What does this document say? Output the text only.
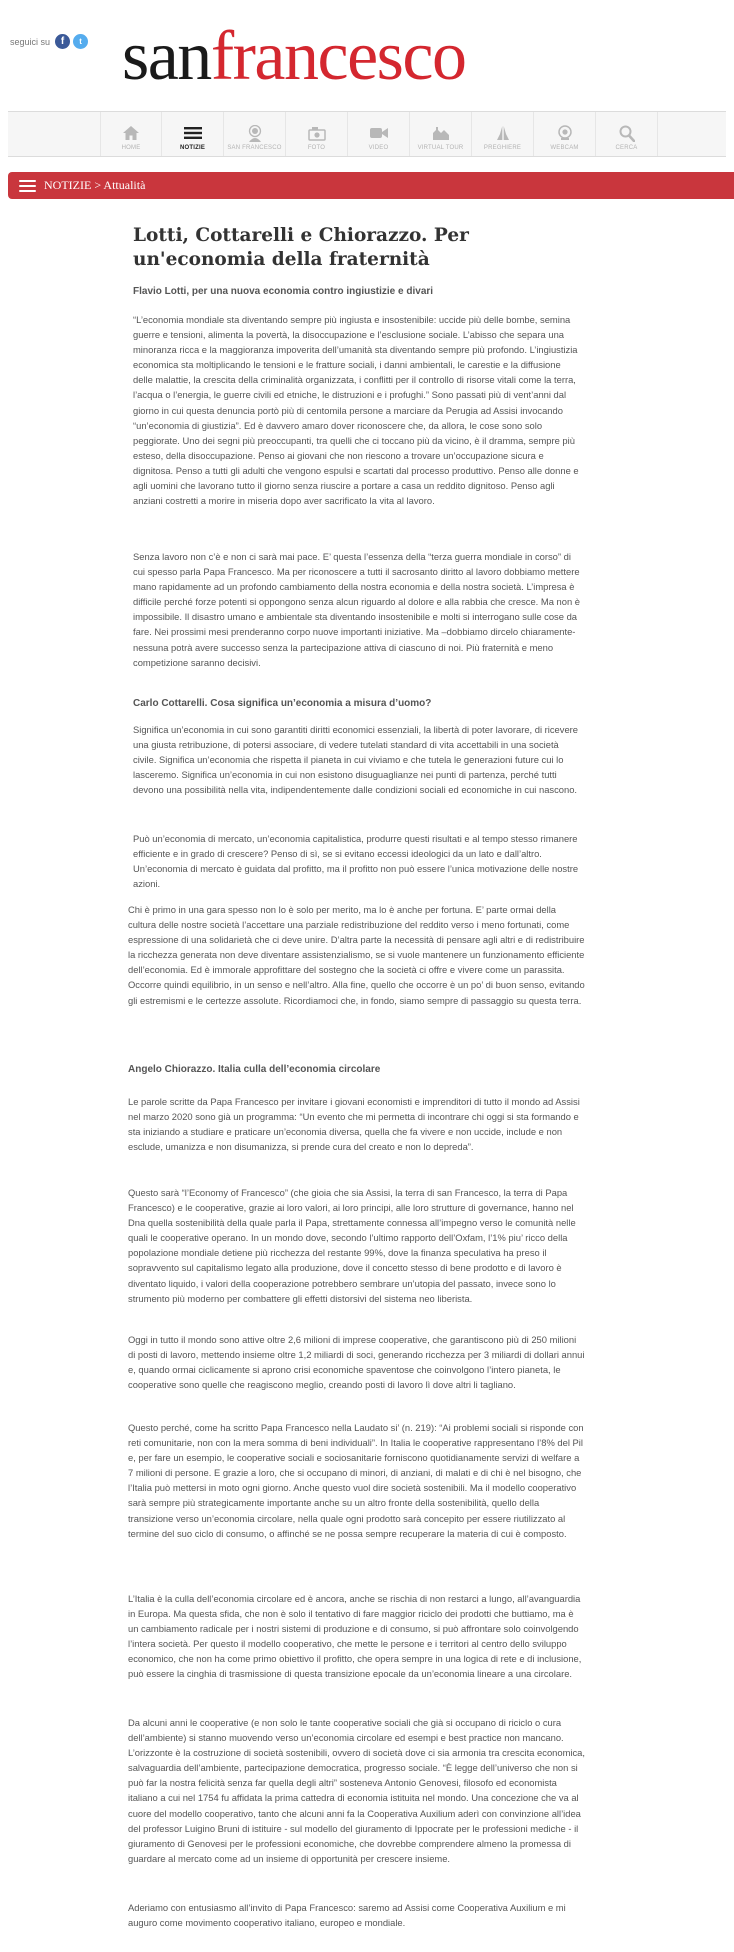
seguici su	f	t sanfrancesco
HOME	NOTIZIE	SAN FRANCESCO	FOTO	VIDEO	VIRTUAL TOUR	PREGHIERE	WEBCAM	CERCA
NOTIZIE > Attualità
Lotti, Cottarelli e Chiorazzo. Per un'economia della fraternità
Flavio Lotti, per una nuova economia contro ingiustizie e divari

“L’economia mondiale sta diventando sempre più ingiusta e insostenibile: uccide più delle bombe, semina guerre e tensioni, alimenta la povertà, la disoccupazione e l’esclusione sociale. L’abisso che separa una minoranza ricca e la maggioranza impoverita dell’umanità sta diventando sempre più profondo. L’ingiustizia economica sta moltiplicando le tensioni e le fratture sociali, i danni ambientali, le carestie e la diffusione delle malattie, la crescita della criminalità organizzata, i conflitti per il controllo di risorse vitali come la terra, l’acqua o l’energia, le guerre civili ed etniche, le distruzioni e i profughi.” Sono passati più di vent’anni dal giorno in cui questa denuncia portò più di centomila persone a marciare da Perugia ad Assisi invocando “un’economia di giustizia”. Ed è davvero amaro dover riconoscere che, da allora, le cose sono solo peggiorate. Uno dei segni più preoccupanti, tra quelli che ci toccano più da vicino, è il dramma, sempre più esteso, della disoccupazione. Penso ai giovani che non riescono a trovare un’occupazione sicura e dignitosa. Penso a tutti gli adulti che vengono espulsi e scartati dal processo produttivo. Penso alle donne e agli uomini che lavorano tutto il giorno senza riuscire a portare a casa un reddito dignitoso. Penso agli anziani costretti a morire in miseria dopo aver sacrificato la vita al lavoro.

Senza lavoro non c’è e non ci sarà mai pace. E’ questa l’essenza della “terza guerra mondiale in corso” di cui spesso parla Papa Francesco. Ma per riconoscere a tutti il sacrosanto diritto al lavoro dobbiamo mettere mano rapidamente ad un profondo cambiamento della nostra economia e della nostra società. L’impresa è difficile perché forze potenti si oppongono senza alcun riguardo al dolore e alla rabbia che cresce. Ma non è impossibile. Il disastro umano e ambientale sta diventando insostenibile e molti si interrogano sulle cose da fare. Nei prossimi mesi prenderanno corpo nuove importanti iniziative. Ma –dobbiamo dircelo chiaramente- nessuna potrà avere successo senza la partecipazione attiva di ciascuno di noi. Più fraternità e meno competizione saranno decisivi.

Carlo Cottarelli. Cosa significa un’economia a misura d’uomo?

Significa un’economia in cui sono garantiti diritti economici essenziali, la libertà di poter lavorare, di ricevere una giusta retribuzione, di potersi associare, di vedere tutelati standard di vita accettabili in una società civile. Significa un’economia che rispetta il pianeta in cui viviamo e che tutela le generazioni future cui lo lasceremo. Significa un’economia in cui non esistono disuguaglianze nei punti di partenza, perché tutti devono una possibilità nella vita, indipendentemente dalle condizioni sociali ed economiche in cui nascono.

Può un’economia di mercato, un’economia capitalistica, produrre questi risultati e al tempo stesso rimanere efficiente e in grado di crescere? Penso di sì, se si evitano eccessi ideologici da un lato e dall’altro. Un’economia di mercato è guidata dal profitto, ma il profitto non può essere l’unica motivazione delle nostre azioni.

Chi è primo in una gara spesso non lo è solo per merito, ma lo è anche per fortuna. E’ parte ormai della cultura delle nostre società l’accettare una parziale redistribuzione del reddito verso i meno fortunati, come espressione di una solidarietà che ci deve unire. D’altra parte la necessità di pensare agli altri e di redistribuire la ricchezza generata non deve diventare assistenzialismo, se si vuole mantenere un funzionamento efficiente dell’economia. Ed è immorale approfittare del sostegno che la società ci offre e vivere come un parassita. Occorre quindi equilibrio, in un senso e nell’altro. Alla fine, quello che occorre è un po’ di buon senso, evitando gli estremismi e le certezze assolute. Ricordiamoci che, in fondo, siamo sempre di passaggio su questa terra.

Angelo Chiorazzo. Italia culla dell’economia circolare

Le parole scritte da Papa Francesco per invitare i giovani economisti e imprenditori di tutto il mondo ad Assisi nel marzo 2020 sono già un programma: “Un evento che mi permetta di incontrare chi oggi si sta formando e sta iniziando a studiare e praticare un’economia diversa, quella che fa vivere e non uccide, include e non esclude, umanizza e non disumanizza, si prende cura del creato e non lo depreda”.

Questo sarà “l’Economy of Francesco” (che gioia che sia Assisi, la terra di san Francesco, la terra di Papa Francesco) e le cooperative, grazie ai loro valori, ai loro principi, alle loro strutture di governance, hanno nel Dna quella sostenibilità della quale parla il Papa, strettamente connessa all’impegno verso le comunità nelle quali le cooperative operano. In un mondo dove, secondo l’ultimo rapporto dell’Oxfam, l’1% piu’ ricco della popolazione mondiale detiene più ricchezza del restante 99%, dove la finanza speculativa ha preso il sopravvento sul capitalismo legato alla produzione, dove il concetto stesso di bene prodotto e di lavoro è diventato liquido, i valori della cooperazione potrebbero sembrare un’utopia del passato, invece sono lo strumento più moderno per combattere gli effetti distorsivi del sistema neo liberista.

Oggi in tutto il mondo sono attive oltre 2,6 milioni di imprese cooperative, che garantiscono più di 250 milioni di posti di lavoro, mettendo insieme oltre 1,2 miliardi di soci, generando ricchezza per 3 miliardi di dollari annui e, quando ormai ciclicamente si aprono crisi economiche spaventose che coinvolgono l’intero pianeta, le cooperative sono quelle che reagiscono meglio, creando posti di lavoro lì dove altri li tagliano.

Questo perché, come ha scritto Papa Francesco nella Laudato si’ (n. 219): “Ai problemi sociali si risponde con reti comunitarie, non con la mera somma di beni individuali”. In Italia le cooperative rappresentano l’8% del Pil e, per fare un esempio, le cooperative sociali e sociosanitarie forniscono quotidianamente servizi di welfare a 7 milioni di persone. E grazie a loro, che si occupano di minori, di anziani, di malati e di chi è nel bisogno, che l’Italia può mettersi in moto ogni giorno. Anche questo vuol dire società sostenibili. Ma il modello cooperativo sarà sempre più strategicamente importante anche su un altro fronte della sostenibilità, quello della transizione verso un’economia circolare, nella quale ogni prodotto sarà concepito per essere riutilizzato al termine del suo ciclo di consumo, o affinché se ne possa sempre recuperare la materia di cui è composto.

L’Italia è la culla dell’economia circolare ed è ancora, anche se rischia di non restarci a lungo, all’avanguardia in Europa. Ma questa sfida, che non è solo il tentativo di fare maggior riciclo dei prodotti che buttiamo, ma è un cambiamento radicale per i nostri sistemi di produzione e di consumo, si può affrontare solo coinvolgendo l’intera società. Per questo il modello cooperativo, che mette le persone e i territori al centro dello sviluppo economico, che non ha come primo obiettivo il profitto, che opera sempre in una logica di rete e di inclusione, può essere la cinghia di trasmissione di questa transizione epocale da un’economia lineare a una circolare.

Da alcuni anni le cooperative (e non solo le tante cooperative sociali che già si occupano di riciclo o cura dell’ambiente) si stanno muovendo verso un’economia circolare ed esempi e best practice non mancano. L’orizzonte è la costruzione di società sostenibili, ovvero di società dove ci sia armonia tra crescita economica, salvaguardia dell’ambiente, partecipazione democratica, progresso sociale. “È legge dell’universo che non si può far la nostra felicità senza far quella degli altri” sosteneva Antonio Genovesi, filosofo ed economista italiano a cui nel 1754 fu affidata la prima cattedra di economia istituita nel mondo. Una concezione che va al cuore del modello cooperativo, tanto che alcuni anni fa la Cooperativa Auxilium aderì con convinzione all’idea del professor Luigino Bruni di istituire - sul modello del giuramento di Ippocrate per le professioni mediche - il giuramento di Genovesi per le professioni economiche, che dovrebbe comprendere almeno la promessa di guardare al mercato come ad un insieme di opportunità per crescere insieme.

Aderiamo con entusiasmo all’invito di Papa Francesco: saremo ad Assisi come Cooperativa Auxilium e mi auguro come movimento cooperativo italiano, europeo e mondiale.
